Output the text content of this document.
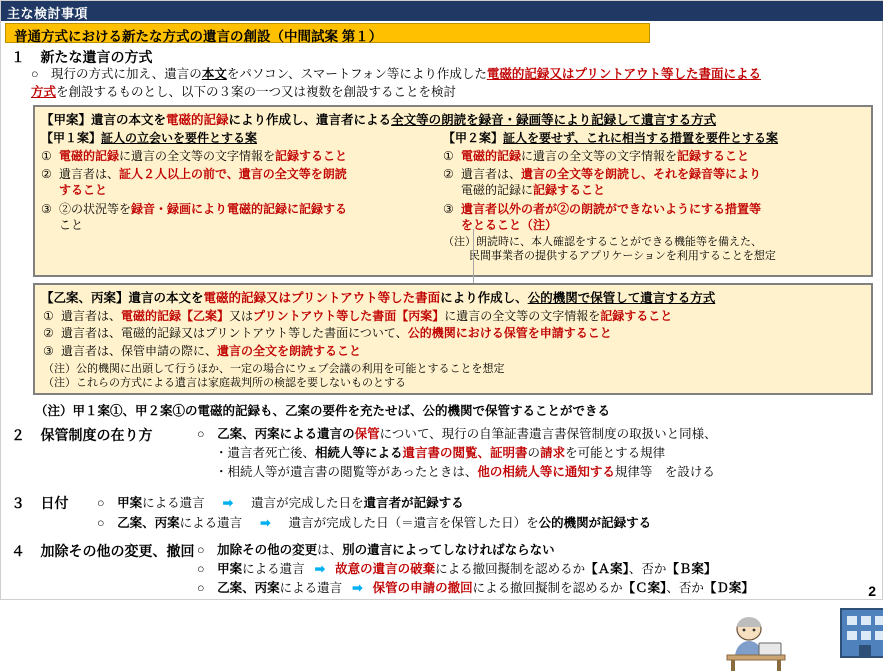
主な検討事項
普通方式における新たな方式の遺言の創設（中間試案 第１）
１ 新たな遺言の方式
○　現行の方式に加え、遺言の本文をパソコン、スマートフォン等により作成した電磁的記録又はプリントアウト等した書面による
方式を創設するものとし、以下の３案の一つ又は複数を創設することを検討
【甲案】遺言の本文を電磁的記録により作成し、遺言者による全文等の朗読を録音・録画等により記録して遺言する方式
【甲１案】証人の立会いを要件とする案
① 電磁的記録に遺言の全文等の文字情報を記録すること
② 遺言者は、証人２人以上の前で、遺言の全文等を朗読
すること
③ ②の状況等を録音・録画により電磁的記録に記録する
こと
【甲２案】証人を要せず、これに相当する措置を要件とする案
① 電磁的記録に遺言の全文等の文字情報を記録すること
② 遺言者は、遺言の全文等を朗読し、それを録音等により
電磁的記録に記録すること
③ 遺言者以外の者が②の朗読ができないようにする措置等
をとること（注）
（注）朗読時に、本人確認をすることができる機能等を備えた、
民間事業者の提供するアプリケーションを利用することを想定
【乙案、丙案】遺言の本文を電磁的記録又はプリントアウト等した書面により作成し、公的機関で保管して遺言する方式
① 遺言者は、電磁的記録【乙案】又はプリントアウト等した書面【丙案】に遺言の全文等の文字情報を記録すること
② 遺言者は、電磁的記録又はプリントアウト等した書面について、公的機関における保管を申請すること
③ 遺言者は、保管申請の際に、遺言の全文を朗読すること
（注）公的機関に出頭して行うほか、一定の場合にウェブ会議の利用を可能とすることを想定
（注）これらの方式による遺言は家庭裁判所の検認を要しないものとする
（注）甲１案①、甲２案①の電磁的記録も、乙案の要件を充たせば、公的機関で保管することができる
２ 保管制度の在り方	○　乙案、丙案による遺言の保管について、現行の自筆証書遺言書保管制度の取扱いと同様、
・遺言者死亡後、相続人等による遺言書の閲覧、証明書の請求を可能とする規律
・相続人等が遺言書の閲覧等があったときは、他の相続人等に通知する規律等　を設ける
３ 日付 ○　甲案による遺言 ➡ 遺言が完成した日を遺言者が記録する
○　乙案、丙案による遺言 ➡ 遺言が完成した日（＝遺言を保管した日）を公的機関が記録する
４ 加除その他の変更、撤回 ○　加除その他の変更は、別の遺言によってしなければならない
○　甲案による遺言 ➡ 故意の遺言の破棄による撤回擬制を認めるか【Ａ案】、否か【Ｂ案】
○　乙案、丙案による遺言 ➡ 保管の申請の撤回による撤回擬制を認めるか【Ｃ案】、否か【Ｄ案】	2
